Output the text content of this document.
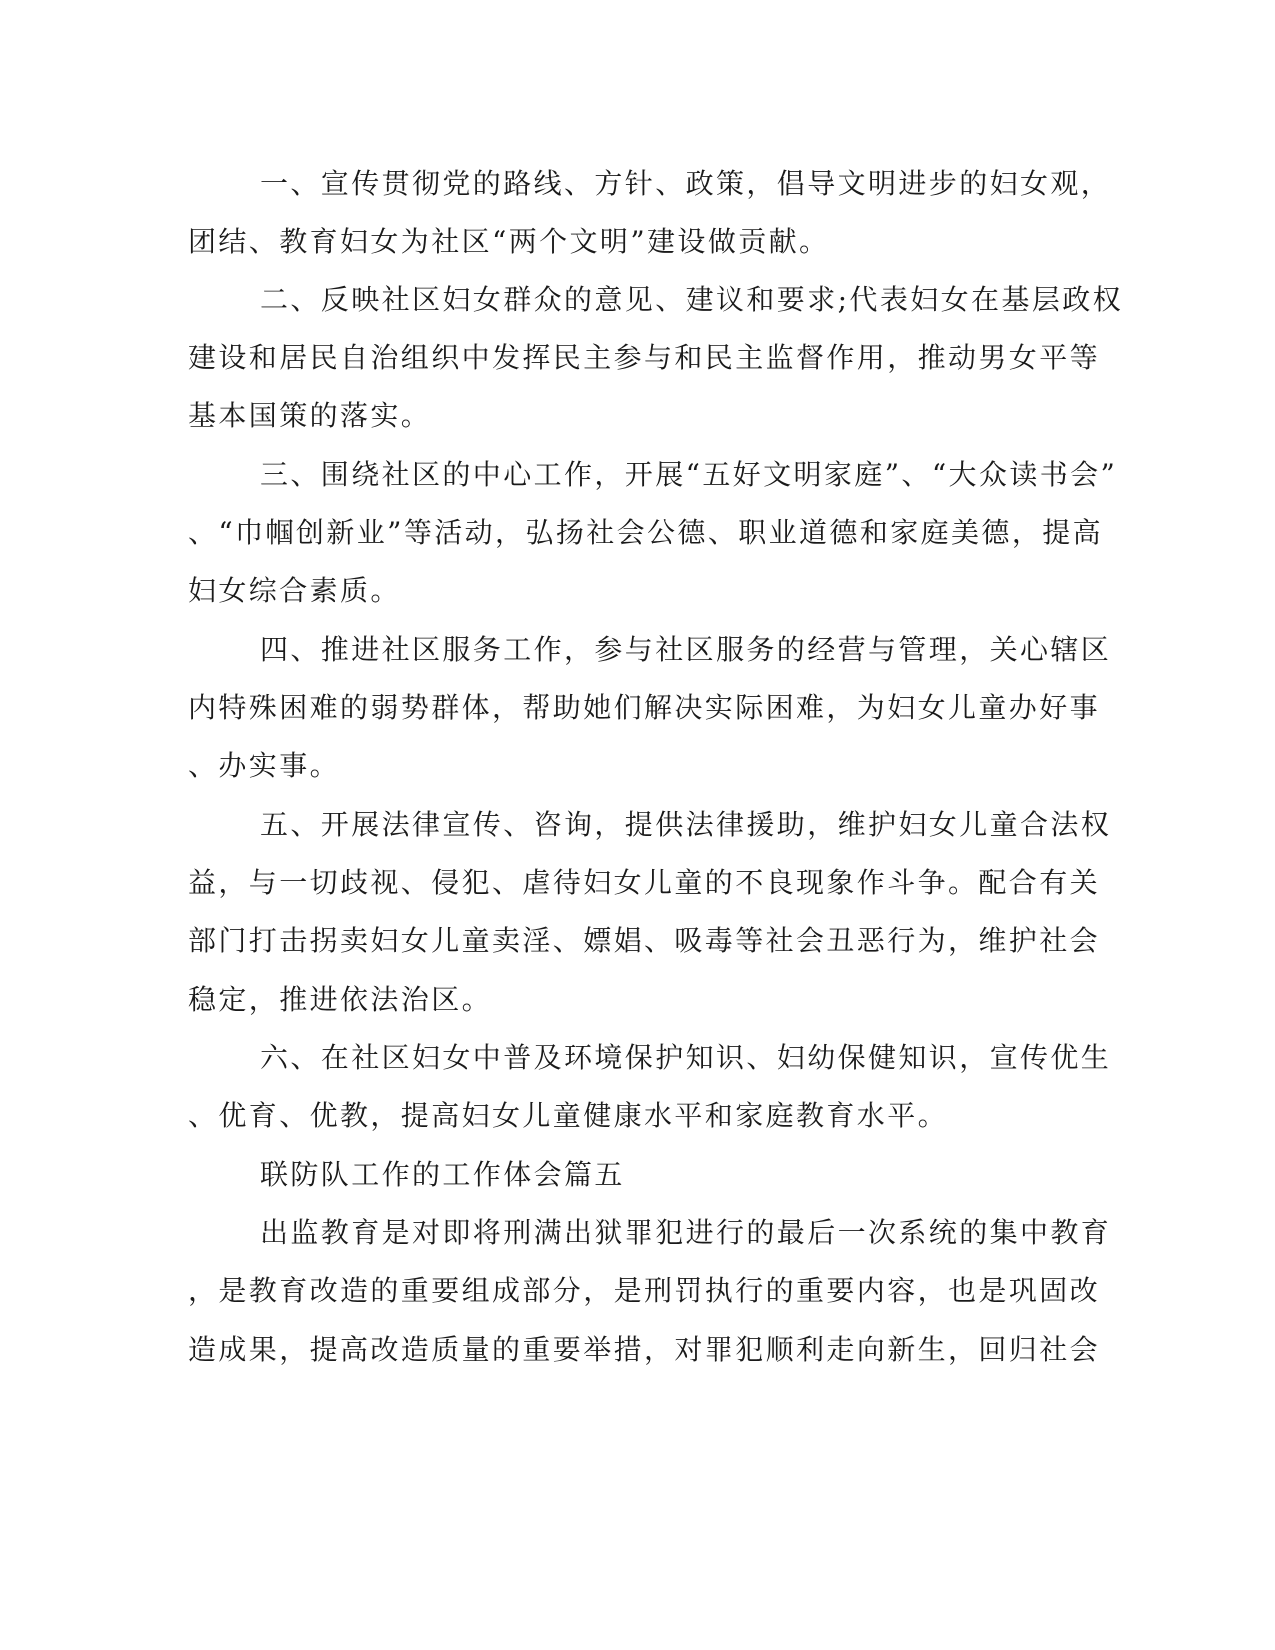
一、宣传贯彻党的路线、方针、政策，倡导文明进步的妇女观，
团结、教育妇女为社区“两个文明”建设做贡献。
二、反映社区妇女群众的意见、建议和要求;代表妇女在基层政权
建设和居民自治组织中发挥民主参与和民主监督作用，推动男女平等
基本国策的落实。
三、围绕社区的中心工作，开展“五好文明家庭”、“大众读书会”
、“巾帼创新业”等活动，弘扬社会公德、职业道德和家庭美德，提高
妇女综合素质。
四、推进社区服务工作，参与社区服务的经营与管理，关心辖区
内特殊困难的弱势群体，帮助她们解决实际困难，为妇女儿童办好事
、办实事。
五、开展法律宣传、咨询，提供法律援助，维护妇女儿童合法权
益，与一切歧视、侵犯、虐待妇女儿童的不良现象作斗争。配合有关
部门打击拐卖妇女儿童卖淫、嫖娼、吸毒等社会丑恶行为，维护社会
稳定，推进依法治区。
六、在社区妇女中普及环境保护知识、妇幼保健知识，宣传优生
、优育、优教，提高妇女儿童健康水平和家庭教育水平。
联防队工作的工作体会篇五
出监教育是对即将刑满出狱罪犯进行的最后一次系统的集中教育
，是教育改造的重要组成部分，是刑罚执行的重要内容，也是巩固改
造成果，提高改造质量的重要举措，对罪犯顺利走向新生，回归社会
